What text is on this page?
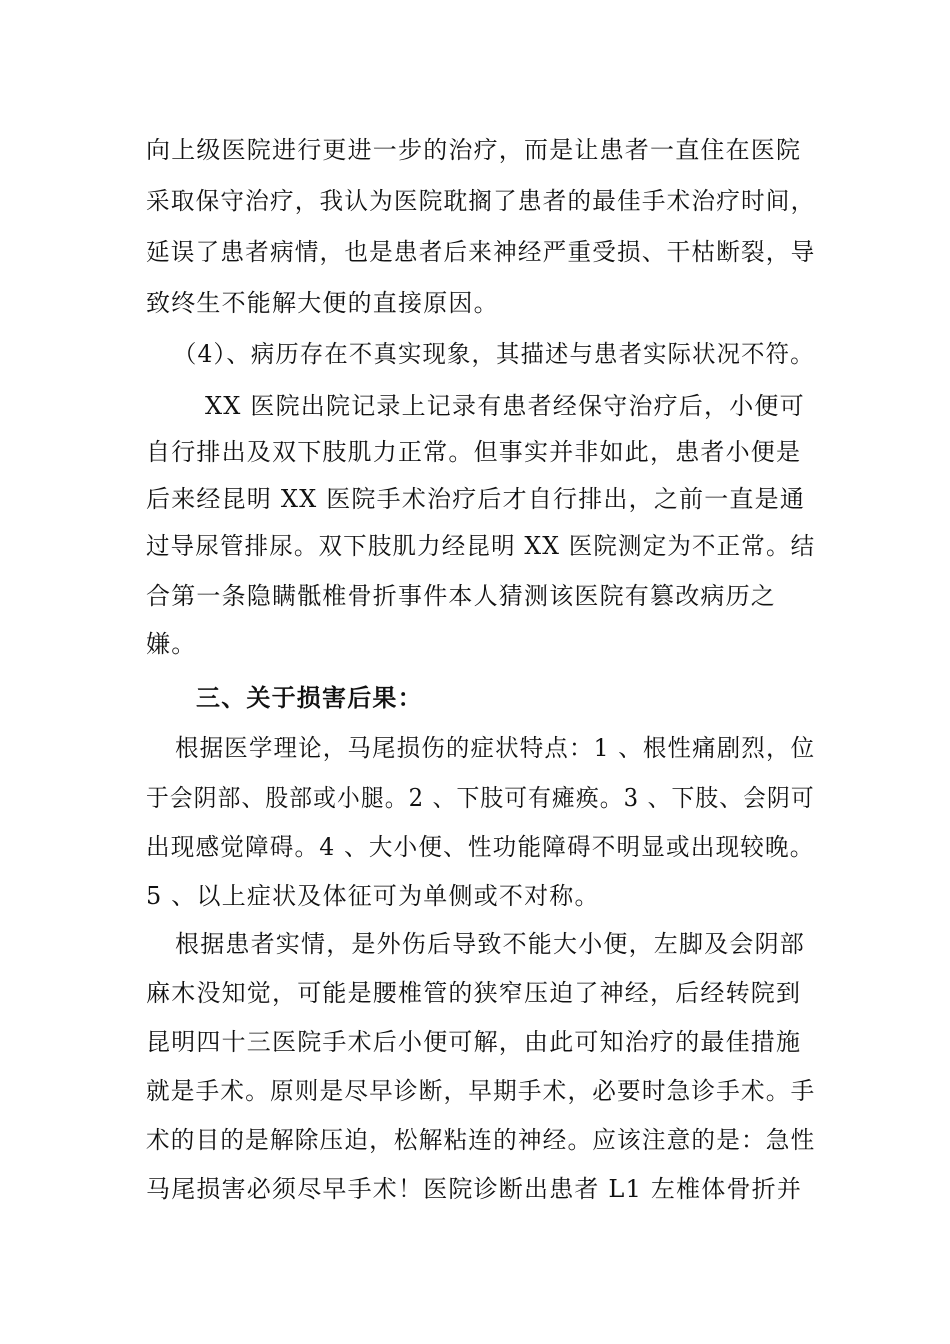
向上级医院进行更进一步的治疗，而是让患者一直住在医院
采取保守治疗，我认为医院耽搁了患者的最佳手术治疗时间，
延误了患者病情，也是患者后来神经严重受损、干枯断裂，导
致终生不能解大便的直接原因。
（4）、病历存在不真实现象，其描述与患者实际状况不符。
XX 医院出院记录上记录有患者经保守治疗后，小便可
自行排出及双下肢肌力正常。但事实并非如此，患者小便是
后来经昆明 XX 医院手术治疗后才自行排出，之前一直是通
过导尿管排尿。双下肢肌力经昆明 XX 医院测定为不正常。结
合第一条隐瞒骶椎骨折事件本人猜测该医院有篡改病历之
嫌。
三、关于损害后果：
根据医学理论，马尾损伤的症状特点：1 、根性痛剧烈，位
于会阴部、股部或小腿。2 、下肢可有瘫痪。3 、下肢、会阴可
出现感觉障碍。4 、大小便、性功能障碍不明显或出现较晚。
5 、以上症状及体征可为单侧或不对称。
根据患者实情，是外伤后导致不能大小便，左脚及会阴部
麻木没知觉，可能是腰椎管的狭窄压迫了神经，后经转院到
昆明四十三医院手术后小便可解，由此可知治疗的最佳措施
就是手术。原则是尽早诊断，早期手术，必要时急诊手术。手
术的目的是解除压迫，松解粘连的神经。应该注意的是：急性
马尾损害必须尽早手术！医院诊断出患者 L1 左椎体骨折并
